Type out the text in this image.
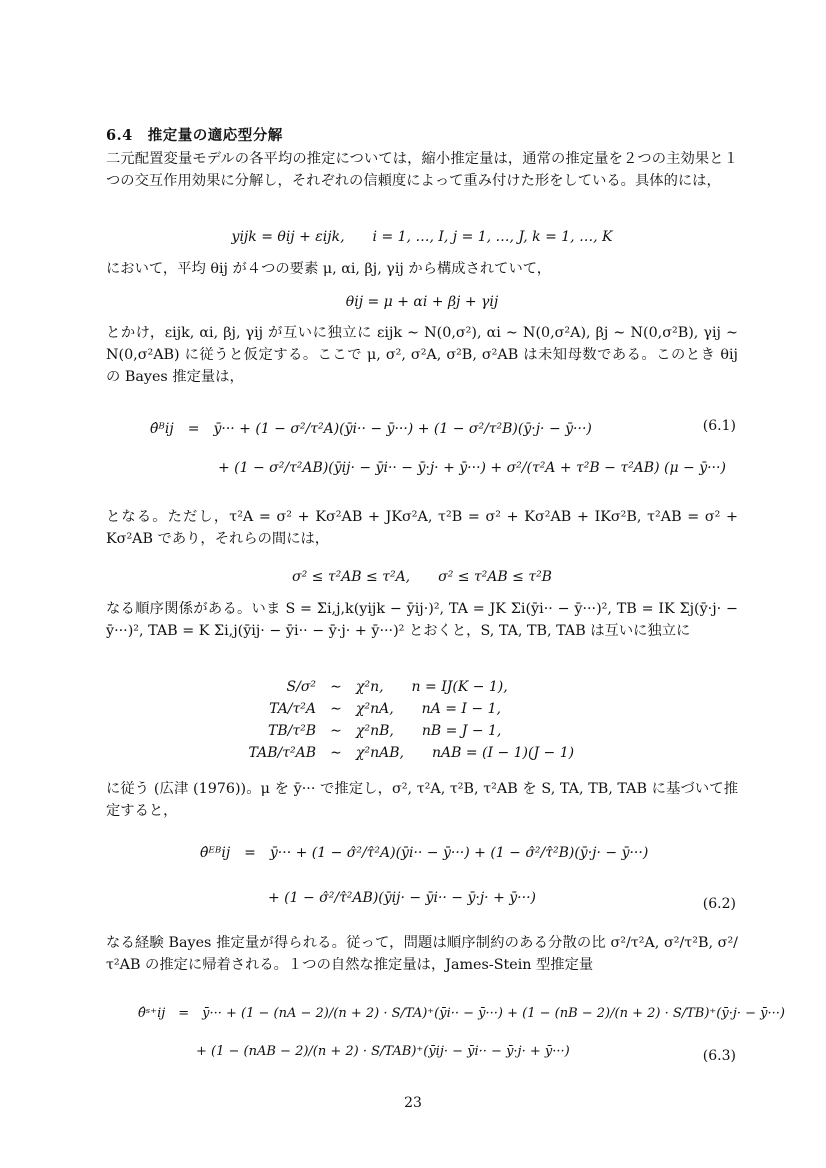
6.4　推定量の適応型分解
二元配置変量モデルの各平均の推定については，縮小推定量は，通常の推定量を２つの主効果と１つの交互作用効果に分解し，それぞれの信頼度によって重み付けた形をしている。具体的には，
yijk = θij + εijk,　　i = 1, …, I, j = 1, …, J, k = 1, …, K
において，平均 θij が４つの要素 μ, αi, βj, γij から構成されていて，
θij = μ + αi + βj + γij
とかけ，εijk, αi, βj, γij が互いに独立に εijk ∼ N(0,σ²), αi ∼ N(0,σ²A), βj ∼ N(0,σ²B), γij ∼ N(0,σ²AB) に従うと仮定する。ここで μ, σ², σ²A, σ²B, σ²AB は未知母数である。このとき θij の Bayes 推定量は，
θ̂ᴮij　=　ȳ··· + (1 − σ²/τ²A)(ȳi·· − ȳ···) + (1 − σ²/τ²B)(ȳ·j· − ȳ···)	(6.1)
+ (1 − σ²/τ²AB)(ȳij· − ȳi·· − ȳ·j· + ȳ···) + σ²/(τ²A + τ²B − τ²AB) (μ − ȳ···)
となる。ただし，τ²A = σ² + Kσ²AB + JKσ²A, τ²B = σ² + Kσ²AB + IKσ²B, τ²AB = σ² + Kσ²AB であり，それらの間には，
σ² ≤ τ²AB ≤ τ²A,　　σ² ≤ τ²AB ≤ τ²B
なる順序関係がある。いま S = Σi,j,k(yijk − ȳij·)², TA = JK Σi(ȳi·· − ȳ···)², TB = IK Σj(ȳ·j· − ȳ···)², TAB = K Σi,j(ȳij· − ȳi·· − ȳ·j· + ȳ···)² とおくと，S, TA, TB, TAB は互いに独立に
S/σ² ∼ χ²n,　　n = IJ(K − 1),
TA/τ²A ∼ χ²nA,　　nA = I − 1,
TB/τ²B ∼ χ²nB,　　nB = J − 1,
TAB/τ²AB ∼ χ²nAB,　　nAB = (I − 1)(J − 1)
に従う (広津 (1976))。μ を ȳ··· で推定し，σ², τ²A, τ²B, τ²AB を S, TA, TB, TAB に基づいて推定すると，
θ̂ᴱᴮij　=　ȳ··· + (1 − σ̂²/τ̂²A)(ȳi·· − ȳ···) + (1 − σ̂²/τ̂²B)(ȳ·j· − ȳ···)
+ (1 − σ̂²/τ̂²AB)(ȳij· − ȳi·· − ȳ·j· + ȳ···)	(6.2)
なる経験 Bayes 推定量が得られる。従って，問題は順序制約のある分散の比 σ²/τ²A, σ²/τ²B, σ²/τ²AB の推定に帰着される。１つの自然な推定量は，James-Stein 型推定量
θ̂ˢ⁺ij　=　ȳ··· + (1 − (nA − 2)/(n + 2) · S/TA)⁺(ȳi·· − ȳ···) + (1 − (nB − 2)/(n + 2) · S/TB)⁺(ȳ·j· − ȳ···)
+ (1 − (nAB − 2)/(n + 2) · S/TAB)⁺(ȳij· − ȳi·· − ȳ·j· + ȳ···)	(6.3)
23
